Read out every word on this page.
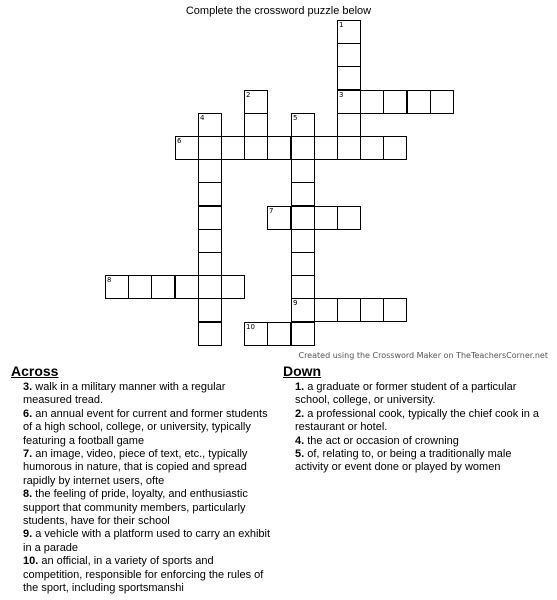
Complete the crossword puzzle below
1
3
2
4	5
9
6
7
8
10
Created using the Crossword Maker on TheTeachersCorner.net
Across

3. walk in a military manner with a regular measured tread.

6. an annual event for current and former students of a high school, college, or university, typically featuring a football game

7. an image, video, piece of text, etc., typically humorous in nature, that is copied and spread rapidly by internet users, ofte

8. the feeling of pride, loyalty, and enthusiastic support that community members, particularly students, have for their school

9. a vehicle with a platform used to carry an exhibit in a parade

10. an official, in a variety of sports and competition, responsible for enforcing the rules of the sport, including sportsmanshi

Down

1. a graduate or former student of a particular school, college, or university.

2. a professional cook, typically the chief cook in a restaurant or hotel.

4. the act or occasion of crowning

5. of, relating to, or being a traditionally male activity or event done or played by women
